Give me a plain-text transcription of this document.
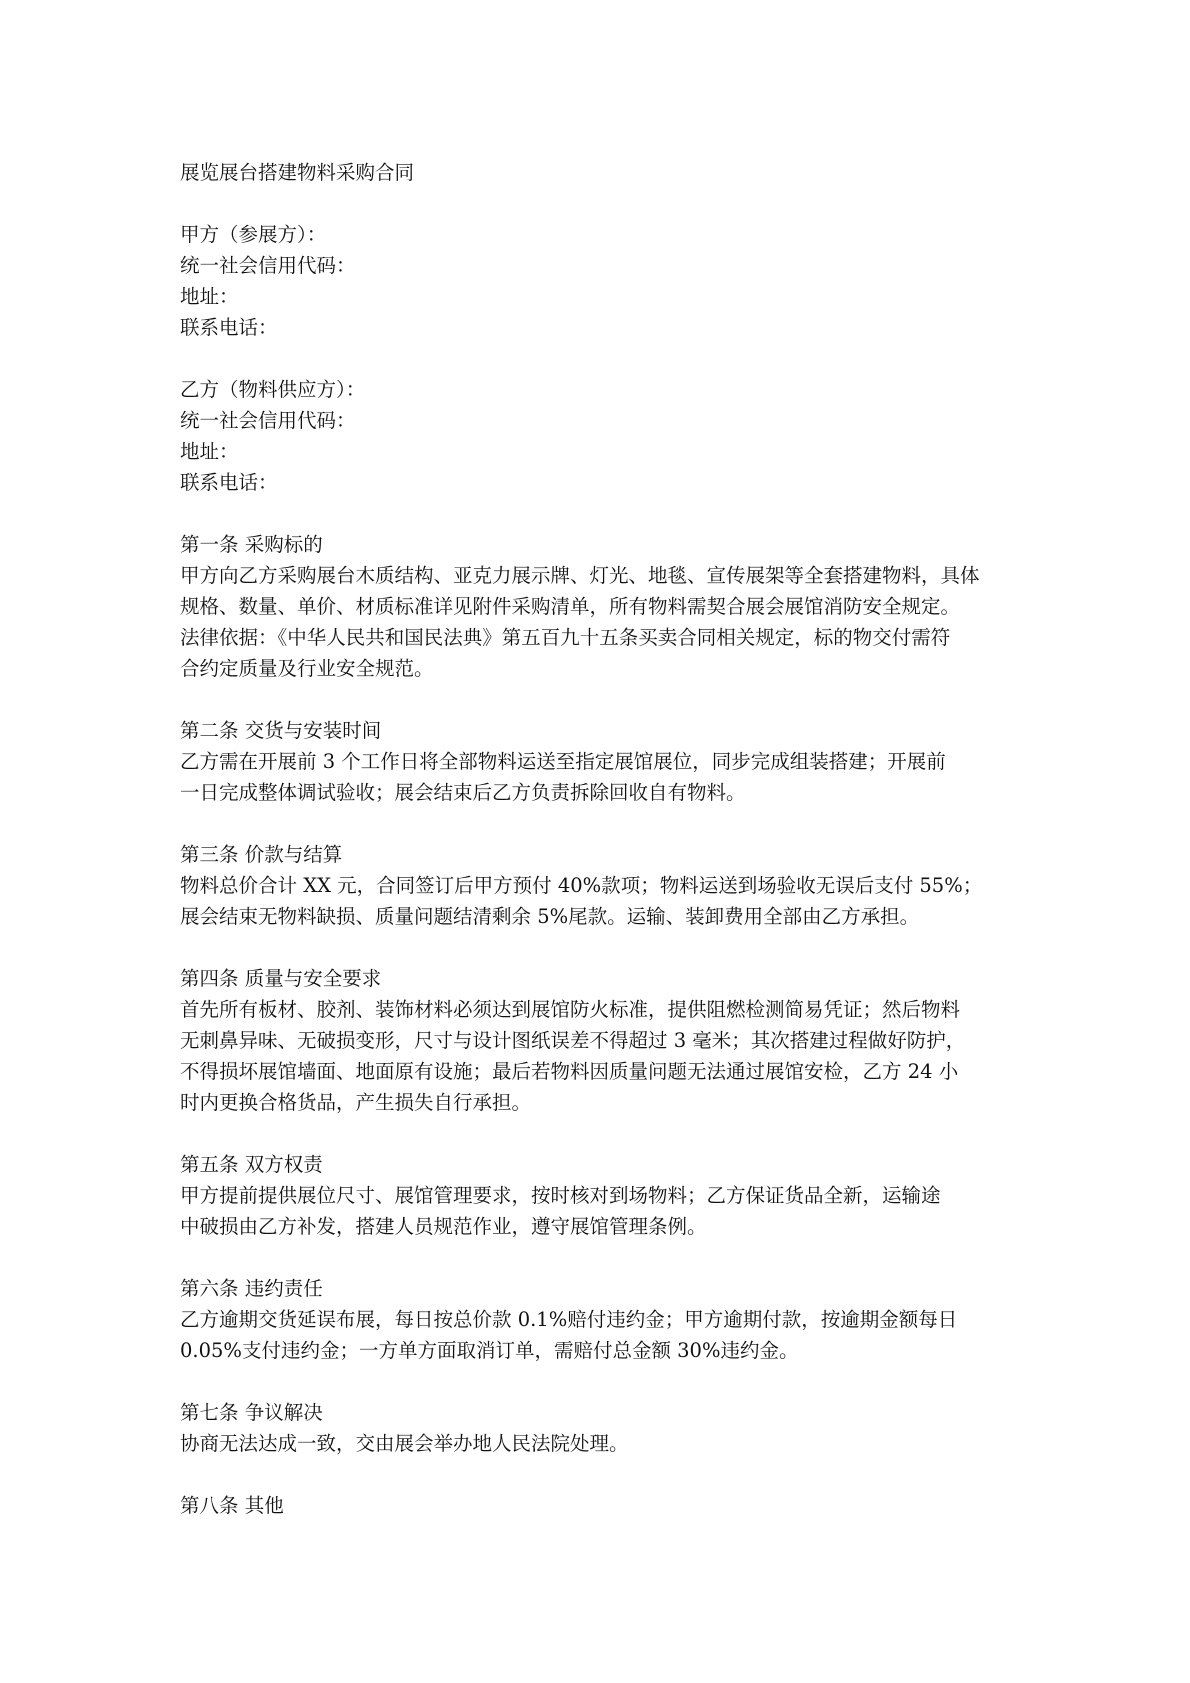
展览展台搭建物料采购合同

甲方（参展方）：

统一社会信用代码：

地址：

联系电话：

乙方（物料供应方）：

统一社会信用代码：

地址：

联系电话：

第一条 采购标的

甲方向乙方采购展台木质结构、亚克力展示牌、灯光、地毯、宣传展架等全套搭建物料，具体

规格、数量、单价、材质标准详见附件采购清单，所有物料需契合展会展馆消防安全规定。

法律依据：《中华人民共和国民法典》第五百九十五条买卖合同相关规定，标的物交付需符

合约定质量及行业安全规范。

第二条 交货与安装时间

乙方需在开展前 3 个工作日将全部物料运送至指定展馆展位，同步完成组装搭建；开展前

一日完成整体调试验收；展会结束后乙方负责拆除回收自有物料。

第三条 价款与结算

物料总价合计 XX 元，合同签订后甲方预付 40%款项；物料运送到场验收无误后支付 55%；

展会结束无物料缺损、质量问题结清剩余 5%尾款。运输、装卸费用全部由乙方承担。

第四条 质量与安全要求

首先所有板材、胶剂、装饰材料必须达到展馆防火标准，提供阻燃检测简易凭证；然后物料

无刺鼻异味、无破损变形，尺寸与设计图纸误差不得超过 3 毫米；其次搭建过程做好防护，

不得损坏展馆墙面、地面原有设施；最后若物料因质量问题无法通过展馆安检，乙方 24 小

时内更换合格货品，产生损失自行承担。

第五条 双方权责

甲方提前提供展位尺寸、展馆管理要求，按时核对到场物料；乙方保证货品全新，运输途

中破损由乙方补发，搭建人员规范作业，遵守展馆管理条例。

第六条 违约责任

乙方逾期交货延误布展，每日按总价款 0.1%赔付违约金；甲方逾期付款，按逾期金额每日

0.05%支付违约金；一方单方面取消订单，需赔付总金额 30%违约金。

第七条 争议解决

协商无法达成一致，交由展会举办地人民法院处理。

第八条 其他
